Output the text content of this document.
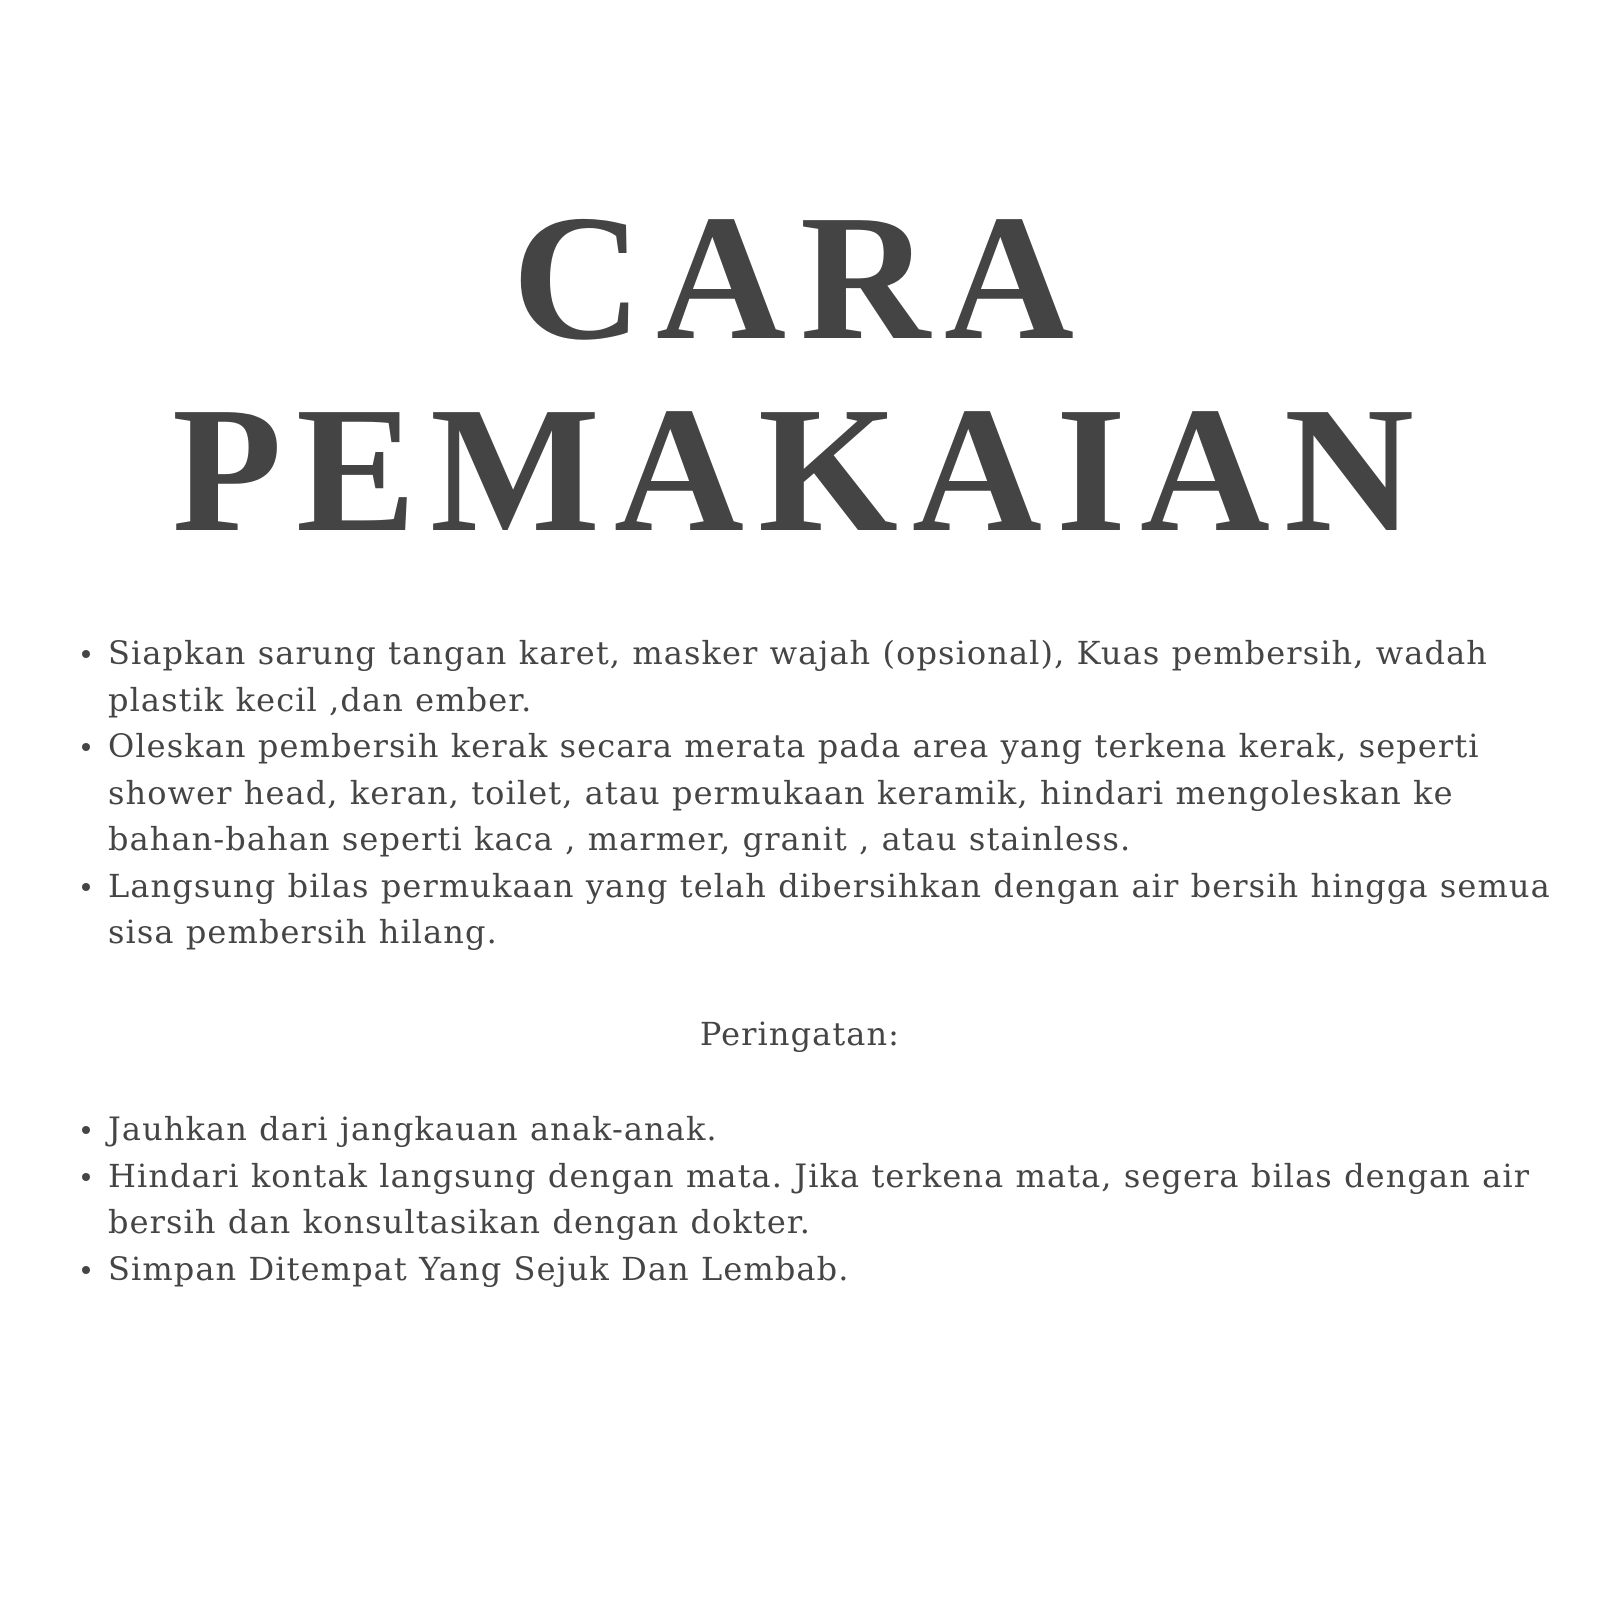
CARA
PEMAKAIAN
Siapkan sarung tangan karet, masker wajah (opsional), Kuas pembersih, wadah plastik kecil ,dan ember.
Oleskan pembersih kerak secara merata pada area yang terkena kerak, seperti shower head, keran, toilet, atau permukaan keramik, hindari mengoleskan ke bahan-bahan seperti kaca , marmer, granit , atau stainless.
Langsung bilas permukaan yang telah dibersihkan dengan air bersih hingga semua sisa pembersih hilang.
Peringatan:
Jauhkan dari jangkauan anak-anak.
Hindari kontak langsung dengan mata. Jika terkena mata, segera bilas dengan air bersih dan konsultasikan dengan dokter.
Simpan Ditempat Yang Sejuk Dan Lembab.
